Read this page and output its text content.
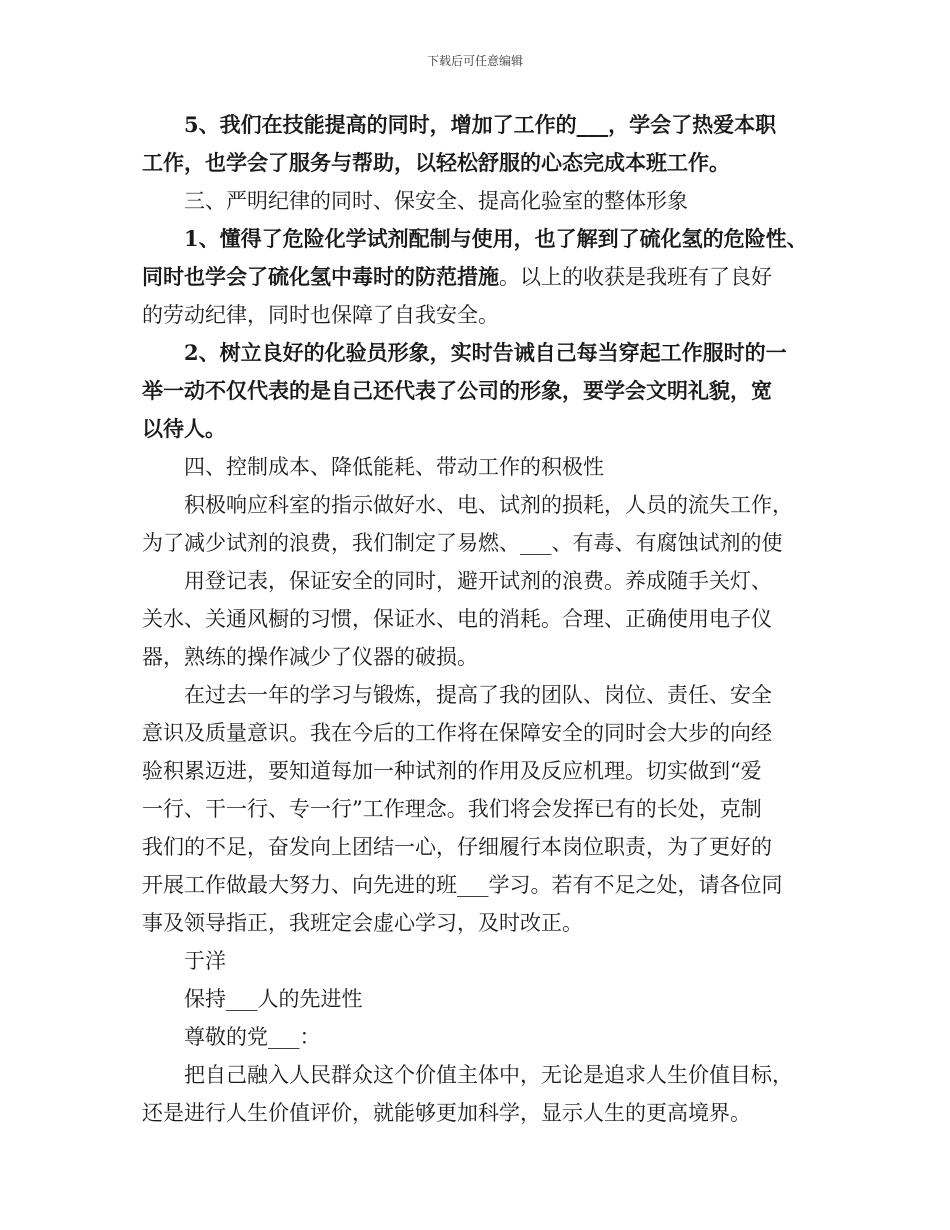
下载后可任意编辑
5、我们在技能提高的同时，增加了工作的___，学会了热爱本职
工作，也学会了服务与帮助，以轻松舒服的心态完成本班工作。
三、严明纪律的同时、保安全、提高化验室的整体形象
1、懂得了危险化学试剂配制与使用，也了解到了硫化氢的危险性、
同时也学会了硫化氢中毒时的防范措施。以上的收获是我班有了良好
的劳动纪律，同时也保障了自我安全。
2、树立良好的化验员形象，实时告诫自己每当穿起工作服时的一
举一动不仅代表的是自己还代表了公司的形象，要学会文明礼貌，宽
以待人。
四、控制成本、降低能耗、带动工作的积极性
积极响应科室的指示做好水、电、试剂的损耗，人员的流失工作，
为了减少试剂的浪费，我们制定了易燃、___、有毒、有腐蚀试剂的使
用登记表，保证安全的同时，避开试剂的浪费。养成随手关灯、
关水、关通风橱的习惯，保证水、电的消耗。合理、正确使用电子仪
器，熟练的操作减少了仪器的破损。
在过去一年的学习与锻炼，提高了我的团队、岗位、责任、安全
意识及质量意识。我在今后的工作将在保障安全的同时会大步的向经
验积累迈进，要知道每加一种试剂的作用及反应机理。切实做到“爱
一行、干一行、专一行”工作理念。我们将会发挥已有的长处，克制
我们的不足，奋发向上团结一心，仔细履行本岗位职责，为了更好的
开展工作做最大努力、向先进的班___学习。若有不足之处，请各位同
事及领导指正，我班定会虚心学习，及时改正。
于洋
保持___人的先进性
尊敬的党___：
把自己融入人民群众这个价值主体中，无论是追求人生价值目标，
还是进行人生价值评价，就能够更加科学，显示人生的更高境界。
